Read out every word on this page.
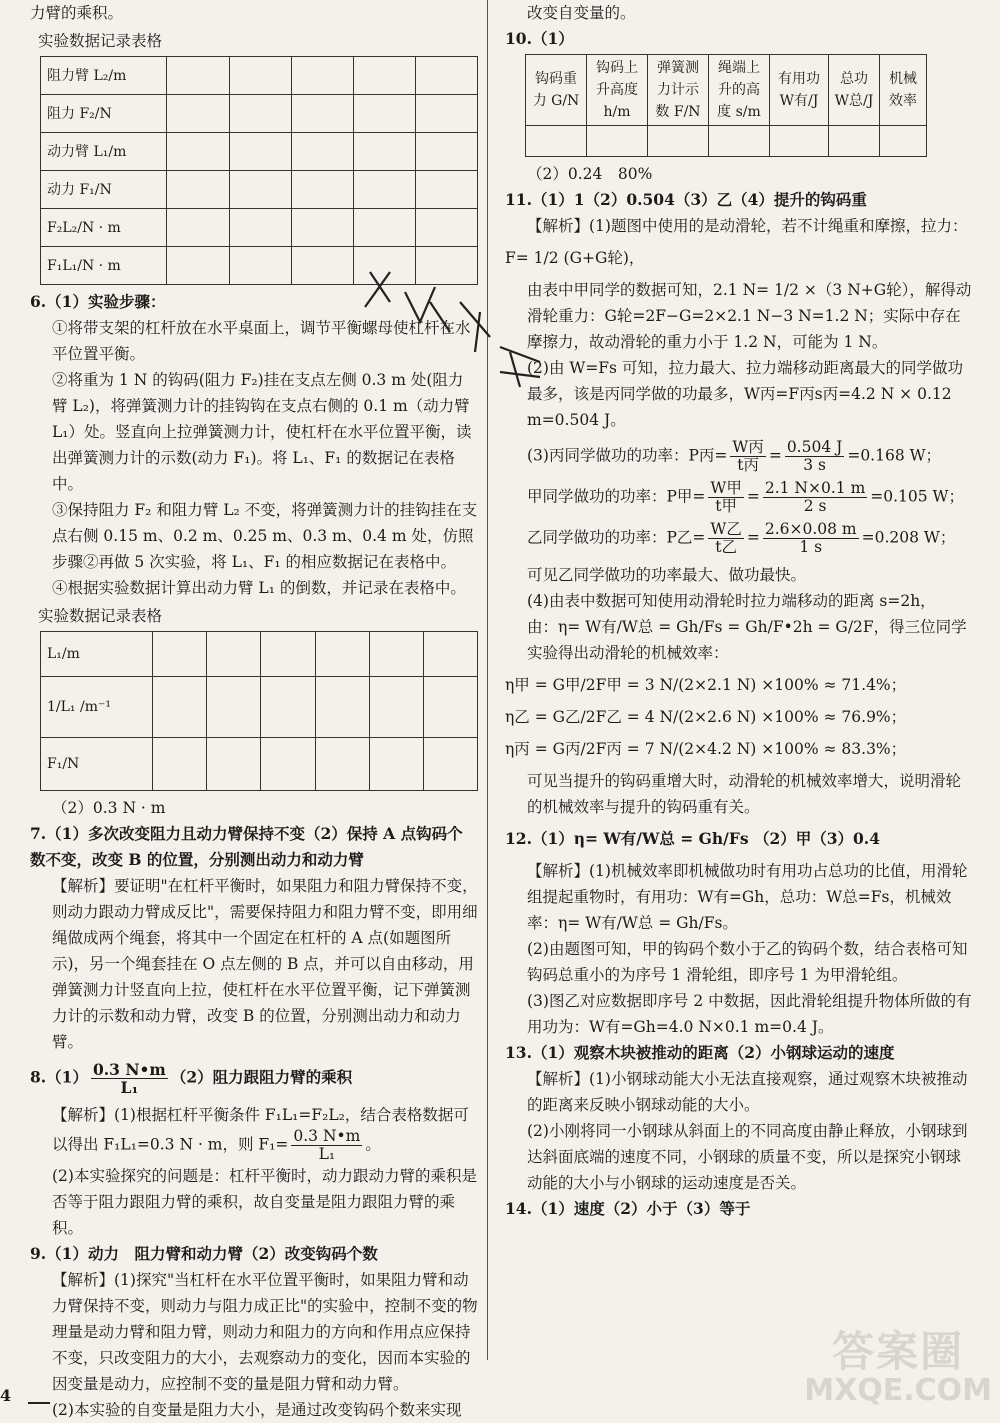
力臂的乘积。

实验数据记录表格

阻力臂 L₂/m					
阻力 F₂/N					
动力臂 L₁/m					
动力 F₁/N					
F₂L₂/N · m					
F₁L₁/N · m					

6.（1）实验步骤：

①将带支架的杠杆放在水平桌面上，调节平衡螺母使杠杆在水平位置平衡。

②将重为 1 N 的钩码(阻力 F₂)挂在支点左侧 0.3 m 处(阻力臂 L₂)，将弹簧测力计的挂钩钩在支点右侧的 0.1 m（动力臂 L₁）处。竖直向上拉弹簧测力计，使杠杆在水平位置平衡，读出弹簧测力计的示数(动力 F₁)。将 L₁、F₁ 的数据记在表格中。

③保持阻力 F₂ 和阻力臂 L₂ 不变，将弹簧测力计的挂钩挂在支点右侧 0.15 m、0.2 m、0.25 m、0.3 m、0.4 m 处，仿照步骤②再做 5 次实验，将 L₁、F₁ 的相应数据记在表格中。

④根据实验数据计算出动力臂 L₁ 的倒数，并记录在表格中。

实验数据记录表格

L₁/m						
1/L₁ /m⁻¹						
F₁/N						

（2）0.3 N · m

7.（1）多次改变阻力且动力臂保持不变（2）保持 A 点钩码个数不变，改变 B 的位置，分别测出动力和动力臂

【解析】要证明"在杠杆平衡时，如果阻力和阻力臂保持不变，则动力跟动力臂成反比"，需要保持阻力和阻力臂不变，即用细绳做成两个绳套，将其中一个固定在杠杆的 A 点(如题图所示)，另一个绳套挂在 O 点左侧的 B 点，并可以自由移动，用弹簧测力计竖直向上拉，使杠杆在水平位置平衡，记下弹簧测力计的示数和动力臂，改变 B 的位置，分别测出动力和动力臂。

$8.(1) \frac{0.3 N•m}{\text{L₁}} (2)$阻力跟阻力臂的乘积

【解析】(1)根据杠杆平衡条件 F₁L₁=F₂L₂，结合表格数据可以得出 F₁L₁=0.3 N · m，则 $F_1= \frac{0.3 N•m}{\text{L₁}}$ 。

(2)本实验探究的问题是：杠杆平衡时，动力跟动力臂的乘积是否等于阻力跟阻力臂的乘积，故自变量是阻力跟阻力臂的乘积。

9.（1）动力　阻力臂和动力臂（2）改变钩码个数

【解析】(1)探究"当杠杆在水平位置平衡时，如果阻力臂和动力臂保持不变，则动力与阻力成正比"的实验中，控制不变的物理量是动力臂和阻力臂，则动力和阻力的方向和作用点应保持不变，只改变阻力的大小，去观察动力的变化，因而本实验的因变量是动力，应控制不变的量是阻力臂和动力臂。

(2)本实验的自变量是阻力大小，是通过改变钩码个数来实现

改变自变量的。

10.（1）

钩码重力 G/N	钩码上升高度 h/m	弹簧测力计示数 F/N	绳端上升的高度 s/m	有用功 W有/J	总功 W总/J	机械效率

（2）0.24　80%

11.（1）1（2）0.504（3）乙（4）提升的钩码重

【解析】(1)题图中使用的是动滑轮，若不计绳重和摩擦，拉力：

F= 1/2 (G+G轮)，

由表中甲同学的数据可知，2.1 N= 1/2 ×（3 N+G轮），解得动滑轮重力：G轮=2F−G=2×2.1 N−3 N=1.2 N；实际中存在摩擦力，故动滑轮的重力小于 1.2 N，可能为 1 N。

(2)由 W=Fs 可知，拉力最大、拉力端移动距离最大的同学做功最多，该是丙同学做的功最多，W丙=F丙s丙=4.2 N × 0.12 m=0.504 J。

(3)丙同学做功的功率：P丙= $\frac{\text{W丙}}{\text{t丙}} = \frac{0.504 J}{3 s} =0.168$ W；

甲同学做功的功率：P甲= $\frac{\text{W甲}}{\text{t甲}} = \frac{2.1 N\times 0.1 m}{2 s} =0.105$ W；

乙同学做功的功率：P乙= $\frac{\text{W乙}}{\text{t乙}} = \frac{2.6\times 0.08 m}{1 s} =0.208$ W；

可见乙同学做功的功率最大、做功最快。

(4)由表中数据可知使用动滑轮时拉力端移动的距离 s=2h，

由：η= W有/W总 = Gh/Fs = Gh/F•2h = G/2F，得三位同学实验得出动滑轮的机械效率：

η甲 = G甲/2F甲 = 3 N/(2×2.1 N) ×100% ≈ 71.4%；

η乙 = G乙/2F乙 = 4 N/(2×2.6 N) ×100% ≈ 76.9%；

η丙 = G丙/2F丙 = 7 N/(2×4.2 N) ×100% ≈ 83.3%；

可见当提升的钩码重增大时，动滑轮的机械效率增大，说明滑轮的机械效率与提升的钩码重有关。

12.（1）η= W有/W总 = Gh/Fs （2）甲（3）0.4

【解析】(1)机械效率即机械做功时有用功占总功的比值，用滑轮组提起重物时，有用功：W有=Gh，总功：W总=Fs，机械效率：η= W有/W总 = Gh/Fs。

(2)由题图可知，甲的钩码个数小于乙的钩码个数，结合表格可知钩码总重小的为序号 1 滑轮组，即序号 1 为甲滑轮组。

(3)图乙对应数据即序号 2 中数据，因此滑轮组提升物体所做的有用功为：W有=Gh=4.0 N×0.1 m=0.4 J。

13.（1）观察木块被推动的距离（2）小钢球运动的速度

【解析】(1)小钢球动能大小无法直接观察，通过观察木块被推动的距离来反映小钢球动能的大小。

(2)小刚将同一小钢球从斜面上的不同高度由静止释放，小钢球到达斜面底端的速度不同，小钢球的质量不变，所以是探究小钢球动能的大小与小钢球的运动速度是否关。

14.（1）速度（2）小于（3）等于

4
答案圈
MXQE.COM
